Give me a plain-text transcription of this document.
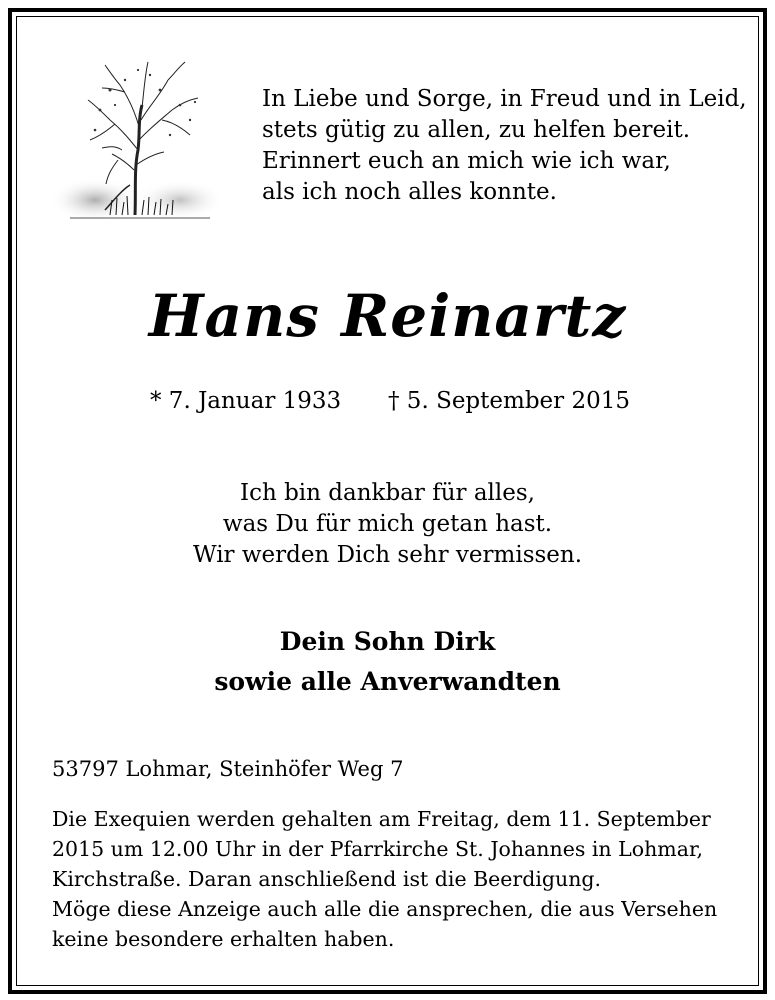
In Liebe und Sorge, in Freud und in Leid,
stets gütig zu allen, zu helfen bereit.
Erinnert euch an mich wie ich war,
als ich noch alles konnte.
Hans Reinartz
* 7. Januar 1933 † 5. September 2015
Ich bin dankbar für alles,
was Du für mich getan hast.
Wir werden Dich sehr vermissen.
Dein Sohn Dirk
sowie alle Anverwandten
53797 Lohmar, Steinhöfer Weg 7
Die Exequien werden gehalten am Freitag, dem 11. September
2015 um 12.00 Uhr in der Pfarrkirche St. Johannes in Lohmar,
Kirchstraße. Daran anschließend ist die Beerdigung.
Möge diese Anzeige auch alle die ansprechen, die aus Versehen
keine besondere erhalten haben.
